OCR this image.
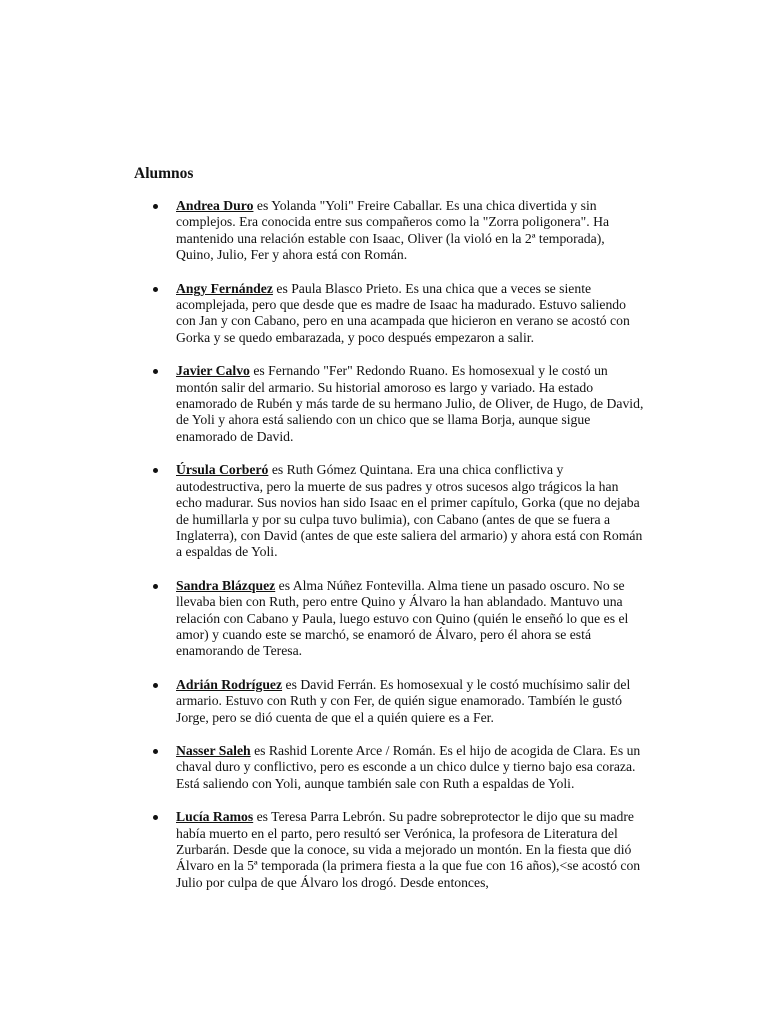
Alumnos
Andrea Duro es Yolanda "Yoli" Freire Caballar. Es una chica divertida y sin complejos. Era conocida entre sus compañeros como la "Zorra poligonera". Ha mantenido una relación estable con Isaac, Oliver (la violó en la 2ª temporada), Quino, Julio, Fer y ahora está con Román.
Angy Fernández es Paula Blasco Prieto. Es una chica que a veces se siente acomplejada, pero que desde que es madre de Isaac ha madurado. Estuvo saliendo con Jan y con Cabano, pero en una acampada que hicieron en verano se acostó con Gorka y se quedo embarazada, y poco después empezaron a salir.
Javier Calvo es Fernando "Fer" Redondo Ruano. Es homosexual y le costó un montón salir del armario. Su historial amoroso es largo y variado. Ha estado enamorado de Rubén y más tarde de su hermano Julio, de Oliver, de Hugo, de David, de Yoli y ahora está saliendo con un chico que se llama Borja, aunque sigue enamorado de David.
Úrsula Corberó es Ruth Gómez Quintana. Era una chica conflictiva y autodestructiva, pero la muerte de sus padres y otros sucesos algo trágicos la han echo madurar. Sus novios han sido Isaac en el primer capítulo, Gorka (que no dejaba de humillarla y por su culpa tuvo bulimia), con Cabano (antes de que se fuera a Inglaterra), con David (antes de que este saliera del armario) y ahora está con Román a espaldas de Yoli.
Sandra Blázquez es Alma Núñez Fontevilla. Alma tiene un pasado oscuro. No se llevaba bien con Ruth, pero entre Quino y Álvaro la han ablandado. Mantuvo una relación con Cabano y Paula, luego estuvo con Quino (quién le enseñó lo que es el amor) y cuando este se marchó, se enamoró de Álvaro, pero él ahora se está enamorando de Teresa.
Adrián Rodríguez es David Ferrán. Es homosexual y le costó muchísimo salir del armario. Estuvo con Ruth y con Fer, de quién sigue enamorado. Tambíén le gustó Jorge, pero se dió cuenta de que el a quién quiere es a Fer.
Nasser Saleh es Rashid Lorente Arce / Román. Es el hijo de acogida de Clara. Es un chaval duro y conflictivo, pero es esconde a un chico dulce y tierno bajo esa coraza. Está saliendo con Yoli, aunque también sale con Ruth a espaldas de Yoli.
Lucía Ramos es Teresa Parra Lebrón. Su padre sobreprotector le dijo que su madre había muerto en el parto, pero resultó ser Verónica, la profesora de Literatura del Zurbarán. Desde que la conoce, su vida a mejorado un montón. En la fiesta que dió Álvaro en la 5ª temporada (la primera fiesta a la que fue con 16 años),<se acostó con Julio por culpa de que Álvaro los drogó. Desde entonces,
